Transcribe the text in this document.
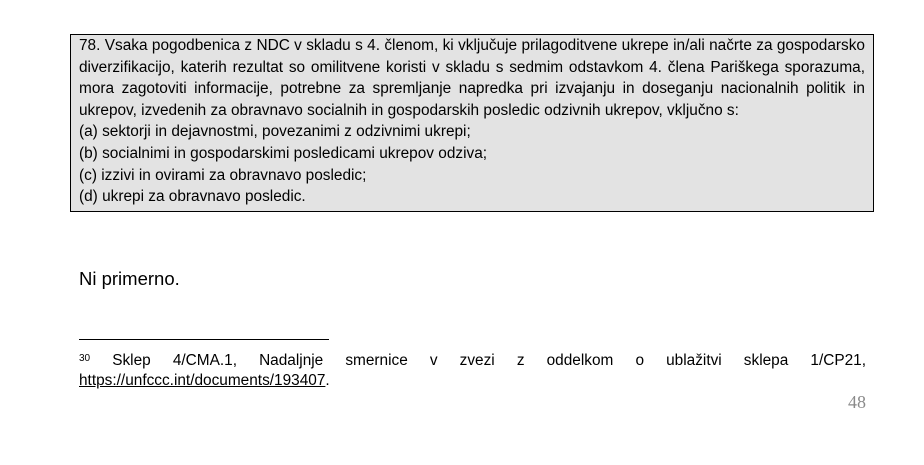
78. Vsaka pogodbenica z NDC v skladu s 4. členom, ki vključuje prilagoditvene ukrepe in/ali načrte za gospodarsko diverzifikacijo, katerih rezultat so omilitvene koristi v skladu s sedmim odstavkom 4. člena Pariškega sporazuma, mora zagotoviti informacije, potrebne za spremljanje napredka pri izvajanju in doseganju nacionalnih politik in ukrepov, izvedenih za obravnavo socialnih in gospodarskih posledic odzivnih ukrepov, vključno s:

(a) sektorji in dejavnostmi, povezanimi z odzivnimi ukrepi;
(b) socialnimi in gospodarskimi posledicami ukrepov odziva;
(c) izzivi in ovirami za obravnavo posledic;
(d) ukrepi za obravnavo posledic.

Ni primerno.

$^{30}$ Sklep 4/CMA.1, Nadaljnje smernice v zvezi z oddelkom o ublažitvi sklepa 1/CP21, https://unfccc.int/documents/193407.

48
